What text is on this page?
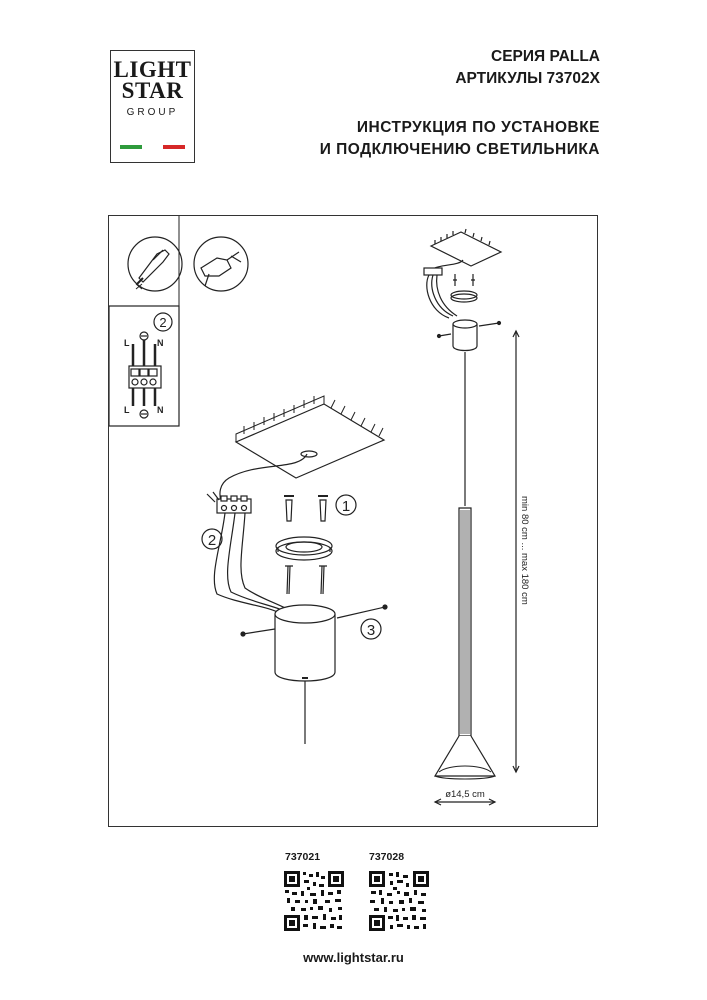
LIGHT
STAR
GROUP
СЕРИЯ PALLA
АРТИКУЛЫ 73702X
ИНСТРУКЦИЯ ПО УСТАНОВКЕ
И ПОДКЛЮЧЕНИЮ СВЕТИЛЬНИКА
2
L	N
L	N
1
2
3
min 80 cm ... max 180 cm
ø14,5 cm
737021	737028
www.lightstar.ru
